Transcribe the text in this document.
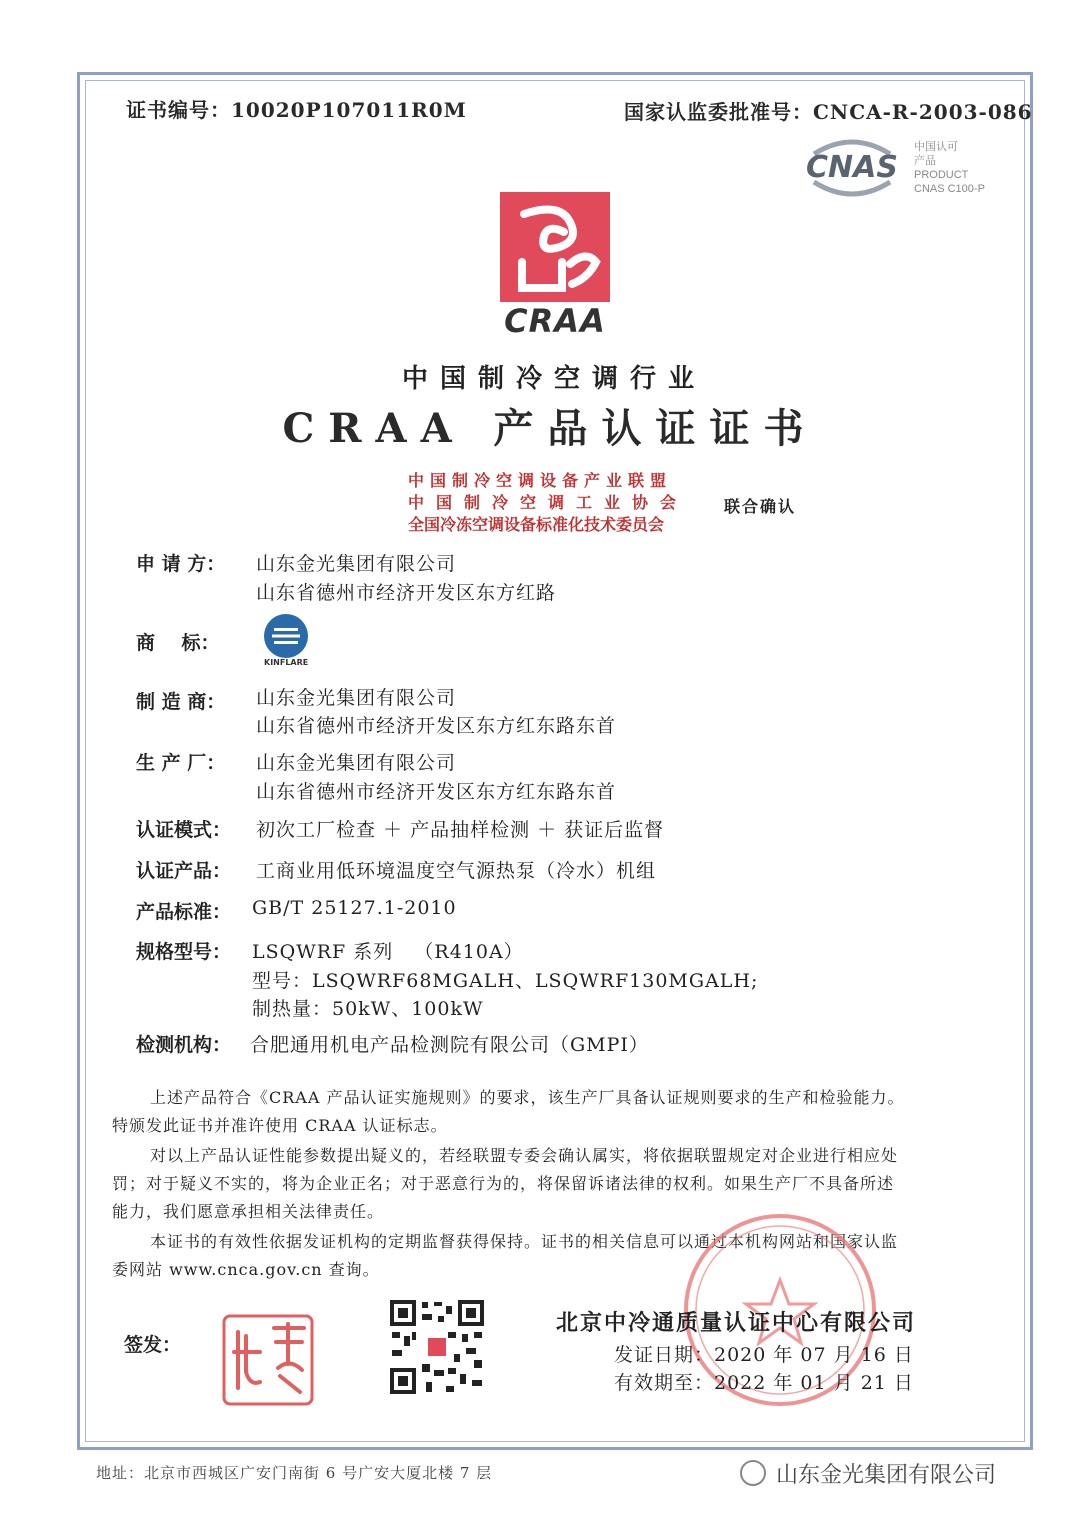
证书编号：10020P107011R0M	国家认监委批准号：CNCA-R-2003-086
CNAS
中国认可
产品
PRODUCT
CNAS C100-P
CRAA
中国制冷空调行业
CRAA 产品认证证书
中国制冷空调设备产业联盟
中国制冷空调工业协会
全国冷冻空调设备标准化技术委员会
联合确认
申 请 方： 山东金光集团有限公司
山东省德州市经济开发区东方红路
商    标：
KINFLARE
制 造 商： 山东金光集团有限公司
山东省德州市经济开发区东方红东路东首
生 产 厂： 山东金光集团有限公司
山东省德州市经济开发区东方红东路东首
认证模式： 初次工厂检查 ＋ 产品抽样检测 ＋ 获证后监督
认证产品： 工商业用低环境温度空气源热泵（冷水）机组
产品标准： GB/T 25127.1-2010
规格型号： LSQWRF 系列   （R410A）
型号：LSQWRF68MGALH、LSQWRF130MGALH;
制热量：50kW、100kW
检测机构： 合肥通用机电产品检测院有限公司（GMPI）
上述产品符合《CRAA 产品认证实施规则》的要求，该生产厂具备认证规则要求的生产和检验能力。
特颁发此证书并准许使用 CRAA 认证标志。
对以上产品认证性能参数提出疑义的，若经联盟专委会确认属实，将依据联盟规定对企业进行相应处
罚；对于疑义不实的，将为企业正名；对于恶意行为的，将保留诉诸法律的权利。如果生产厂不具备所述
能力，我们愿意承担相关法律责任。
本证书的有效性依据发证机构的定期监督获得保持。证书的相关信息可以通过本机构网站和国家认监
委网站 www.cnca.gov.cn 查询。
签发：
北京中冷通质量认证中心有限公司
发证日期：2020 年 07 月 16 日
有效期至：2022 年 01 月 21 日
地址：北京市西城区广安门南街 6 号广安大厦北楼 7 层	山东金光集团有限公司
